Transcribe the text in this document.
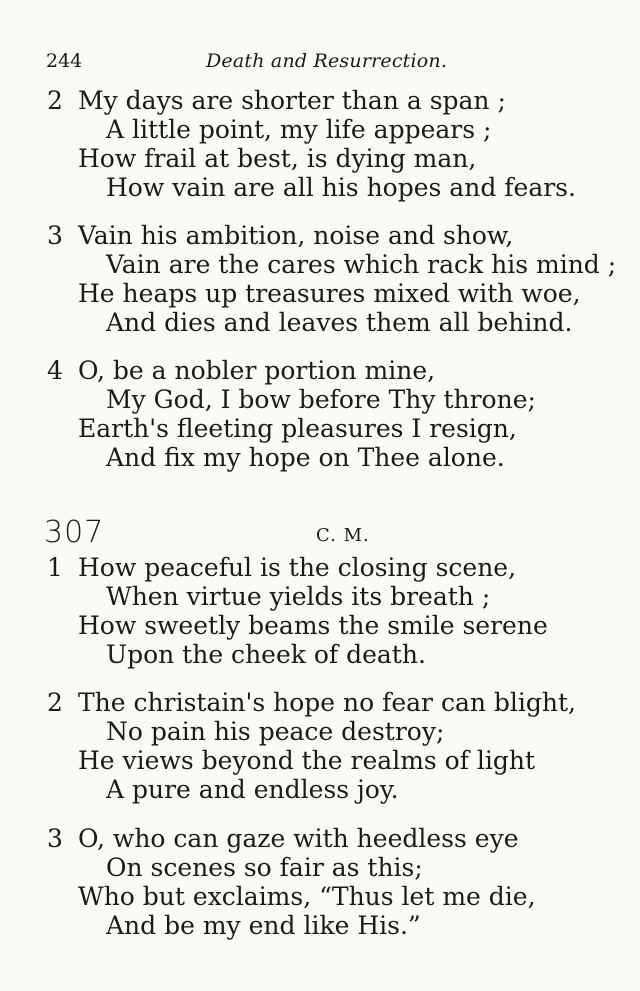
244	Death and Resurrection.
2 My days are shorter than a span ;
A little point, my life appears ;
How frail at best, is dying man,
How vain are all his hopes and fears.
3 Vain his ambition, noise and show,
Vain are the cares which rack his mind ;
He heaps up treasures mixed with woe,
And dies and leaves them all behind.
4 O, be a nobler portion mine,
My God, I bow before Thy throne;
Earth's fleeting pleasures I resign,
And fix my hope on Thee alone.
307	C. M.
1 How peaceful is the closing scene,
When virtue yields its breath ;
How sweetly beams the smile serene
Upon the cheek of death.
2 The christain's hope no fear can blight,
No pain his peace destroy;
He views beyond the realms of light
A pure and endless joy.
3 O, who can gaze with heedless eye
On scenes so fair as this;
Who but exclaims, “Thus let me die,
And be my end like His.”
